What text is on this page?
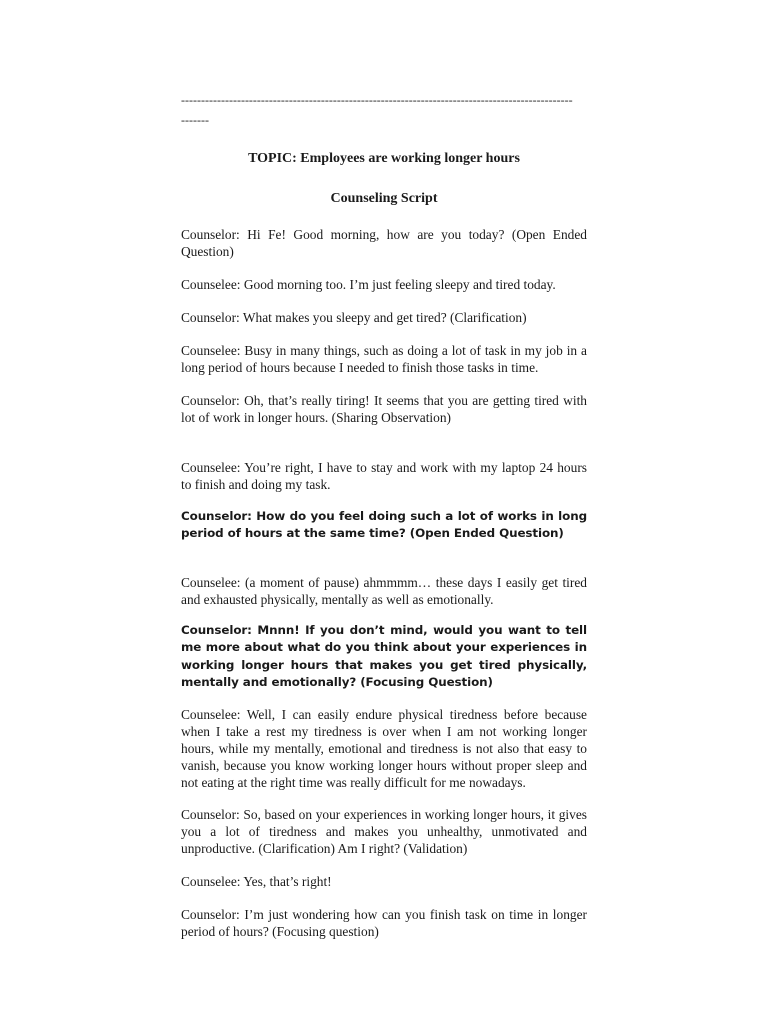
--------------------------------------------------------------------------------------------------
-------
TOPIC: Employees are working longer hours
Counseling Script

Counselor: Hi Fe! Good morning, how are you today? (Open Ended Question)

Counselee: Good morning too. I’m just feeling sleepy and tired today.

Counselor: What makes you sleepy and get tired? (Clarification)

Counselee: Busy in many things, such as doing a lot of task in my job in a long period of hours because I needed to finish those tasks in time.

Counselor: Oh, that’s really tiring! It seems that you are getting tired with lot of work in longer hours. (Sharing Observation)

Counselee: You’re right, I have to stay and work with my laptop 24 hours to finish and doing my task.

Counselor: How do you feel doing such a lot of works in long period of hours at the same time? (Open Ended Question)

Counselee: (a moment of pause) ahmmmm… these days I easily get tired and exhausted physically, mentally as well as emotionally.

Counselor: Mnnn! If you don’t mind, would you want to tell me more about what do you think about your experiences in working longer hours that makes you get tired physically, mentally and emotionally? (Focusing Question)

Counselee: Well, I can easily endure physical tiredness before because when I take a rest my tiredness is over when I am not working longer hours, while my mentally, emotional and tiredness is not also that easy to vanish, because you know working longer hours without proper sleep and not eating at the right time was really difficult for me nowadays.

Counselor: So, based on your experiences in working longer hours, it gives you a lot of tiredness and makes you unhealthy, unmotivated and unproductive. (Clarification) Am I right? (Validation)

Counselee: Yes, that’s right!

Counselor: I’m just wondering how can you finish task on time in longer period of hours? (Focusing question)
